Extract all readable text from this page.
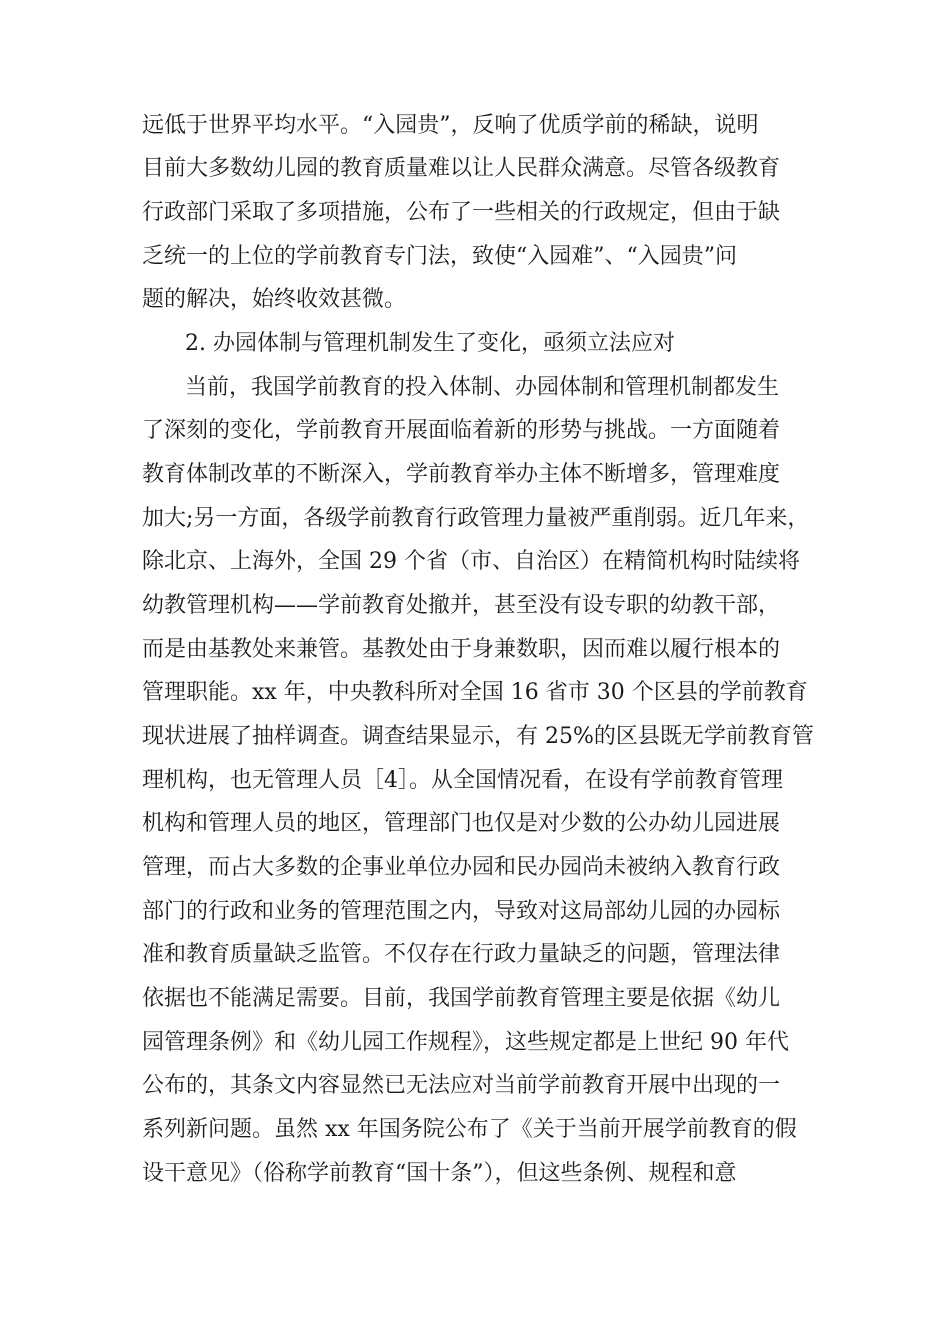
远低于世界平均水平。“入园贵”，反响了优质学前的稀缺，说明
目前大多数幼儿园的教育质量难以让人民群众满意。尽管各级教育
行政部门采取了多项措施，公布了一些相关的行政规定，但由于缺
乏统一的上位的学前教育专门法，致使“入园难”、“入园贵”问
题的解决，始终收效甚微。
2. 办园体制与管理机制发生了变化，亟须立法应对
当前，我国学前教育的投入体制、办园体制和管理机制都发生
了深刻的变化，学前教育开展面临着新的形势与挑战。一方面随着
教育体制改革的不断深入，学前教育举办主体不断增多，管理难度
加大;另一方面，各级学前教育行政管理力量被严重削弱。近几年来，
除北京、上海外，全国 29 个省（市、自治区）在精简机构时陆续将
幼教管理机构——学前教育处撤并，甚至没有设专职的幼教干部，
而是由基教处来兼管。基教处由于身兼数职，因而难以履行根本的
管理职能。xx 年，中央教科所对全国 16 省市 30 个区县的学前教育
现状进展了抽样调查。调查结果显示，有 25%的区县既无学前教育管
理机构，也无管理人员［4］。从全国情况看，在设有学前教育管理
机构和管理人员的地区，管理部门也仅是对少数的公办幼儿园进展
管理，而占大多数的企事业单位办园和民办园尚未被纳入教育行政
部门的行政和业务的管理范围之内，导致对这局部幼儿园的办园标
准和教育质量缺乏监管。不仅存在行政力量缺乏的问题，管理法律
依据也不能满足需要。目前，我国学前教育管理主要是依据《幼儿
园管理条例》和《幼儿园工作规程》，这些规定都是上世纪 90 年代
公布的，其条文内容显然已无法应对当前学前教育开展中出现的一
系列新问题。虽然 xx 年国务院公布了《关于当前开展学前教育的假
设干意见》（俗称学前教育“国十条”），但这些条例、规程和意
